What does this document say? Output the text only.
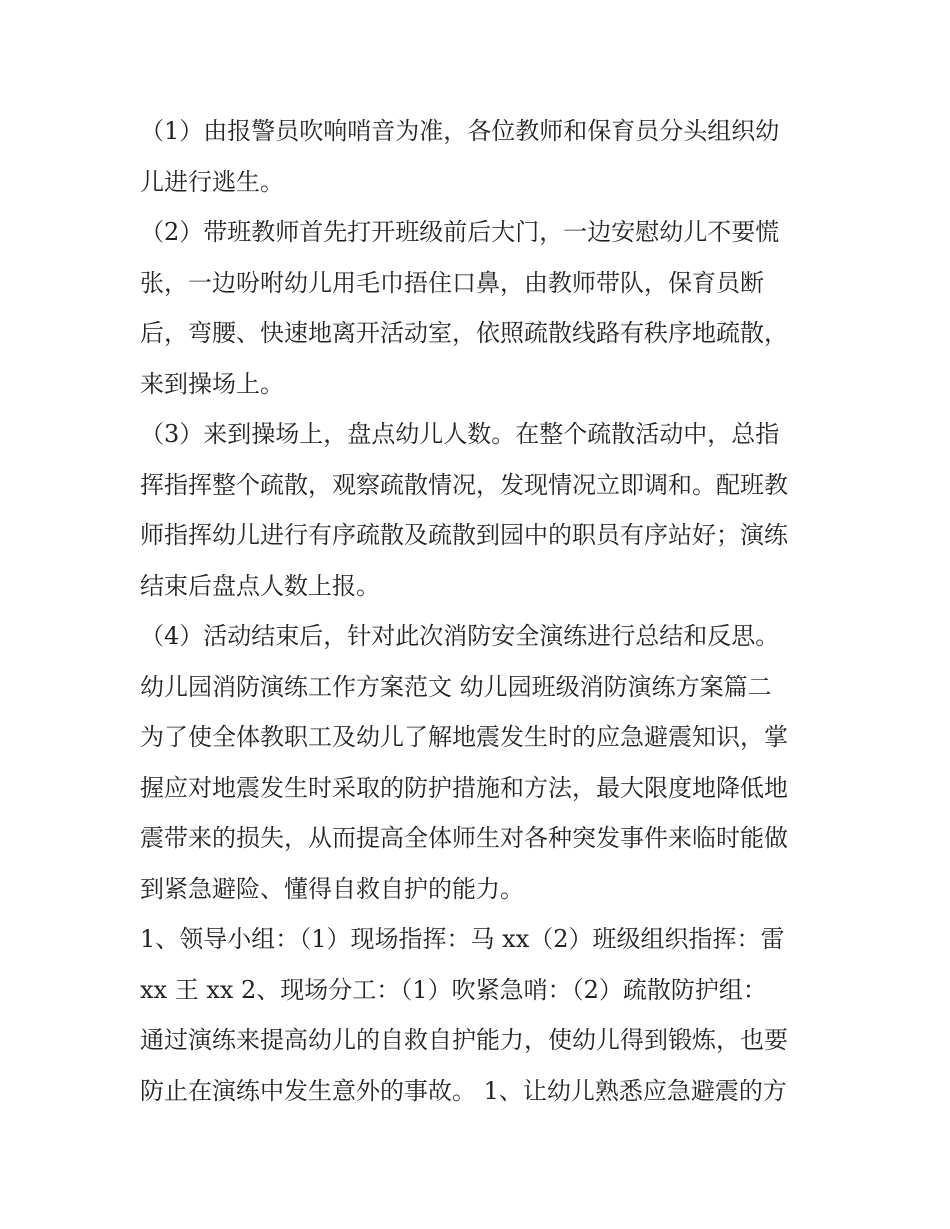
（1）由报警员吹响哨音为准，各位教师和保育员分头组织幼
儿进行逃生。
（2）带班教师首先打开班级前后大门，一边安慰幼儿不要慌
张，一边吩咐幼儿用毛巾捂住口鼻，由教师带队，保育员断
后，弯腰、快速地离开活动室，依照疏散线路有秩序地疏散，
来到操场上。
（3）来到操场上，盘点幼儿人数。在整个疏散活动中，总指
挥指挥整个疏散，观察疏散情况，发现情况立即调和。配班教
师指挥幼儿进行有序疏散及疏散到园中的职员有序站好；演练
结束后盘点人数上报。
（4）活动结束后，针对此次消防安全演练进行总结和反思。
幼儿园消防演练工作方案范文 幼儿园班级消防演练方案篇二
为了使全体教职工及幼儿了解地震发生时的应急避震知识，掌
握应对地震发生时采取的防护措施和方法，最大限度地降低地
震带来的损失，从而提高全体师生对各种突发事件来临时能做
到紧急避险、懂得自救自护的能力。
1、领导小组：（1）现场指挥：马 xx（2）班级组织指挥：雷
xx 王 xx 2、现场分工：（1）吹紧急哨：（2）疏散防护组：
通过演练来提高幼儿的自救自护能力，使幼儿得到锻炼，也要
防止在演练中发生意外的事故。 1、让幼儿熟悉应急避震的方
